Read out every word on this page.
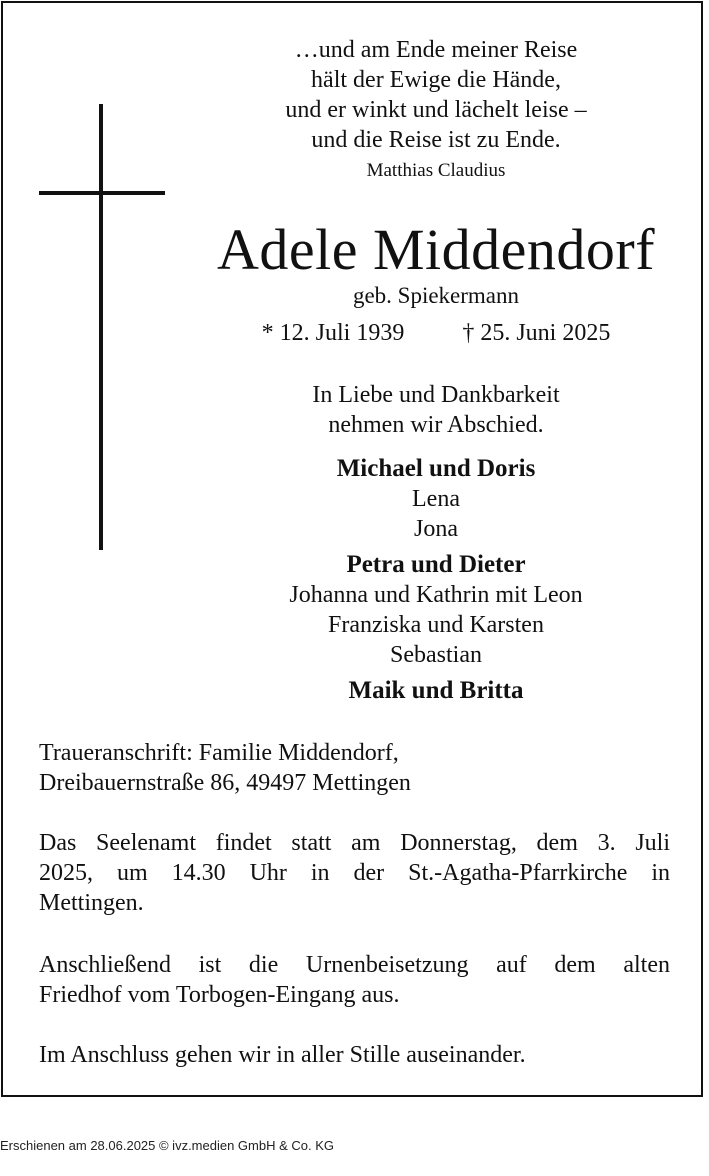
…und am Ende meiner Reise
hält der Ewige die Hände,
und er winkt und lächelt leise –
und die Reise ist zu Ende.
Matthias Claudius
Adele Middendorf
geb. Spiekermann
* 12. Juli 1939 † 25. Juni 2025
In Liebe und Dankbarkeit
nehmen wir Abschied.
Michael und Doris
Lena
Jona
Petra und Dieter
Johanna und Kathrin mit Leon
Franziska und Karsten
Sebastian
Maik und Britta
Traueranschrift: Familie Middendorf,
Dreibauernstraße 86, 49497 Mettingen
Das Seelenamt findet statt am Donnerstag, dem 3. Juli
2025, um 14.30 Uhr in der St.-Agatha-Pfarrkirche in
Mettingen.
Anschließend ist die Urnenbeisetzung auf dem alten
Friedhof vom Torbogen-Eingang aus.
Im Anschluss gehen wir in aller Stille auseinander.
Erschienen am 28.06.2025 © ivz.medien GmbH & Co. KG
